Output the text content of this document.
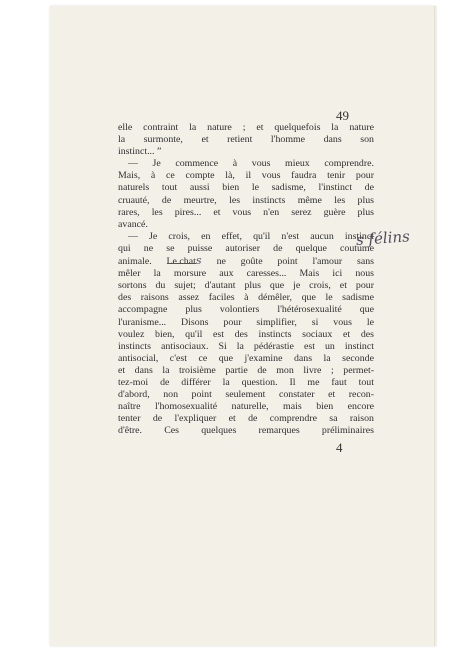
49
elle contraint la nature ; et quelquefois la nature
la surmonte, et retient l'homme dans son
instinct... ”
— Je commence à vous mieux comprendre.
Mais, à ce compte là, il vous faudra tenir pour
naturels tout aussi bien le sadisme, l'instinct de
cruauté, de meurtre, les instincts même les plus
rares, les pires... et vous n'en serez guère plus
avancé.
— Je crois, en effet, qu'il n'est aucun instinct
qui ne se puisse autoriser de quelque coutume
animale. Le chats ne goûte point l'amour sans
mêler la morsure aux caresses... Mais ici nous
sortons du sujet; d'autant plus que je crois, et pour
des raisons assez faciles à démêler, que le sadisme
accompagne plus volontiers l'hétérosexualité que
l'uranisme... Disons pour simplifier, si vous le
voulez bien, qu'il est des instincts sociaux et des
instincts antisociaux. Si la pédérastie est un instinct
antisocial, c'est ce que j'examine dans la seconde
et dans la troisième partie de mon livre ; permet-
tez-moi de différer la question. Il me faut tout
d'abord, non point seulement constater et recon-
naître l'homosexualité naturelle, mais bien encore
tenter de l'expliquer et de comprendre sa raison
d'être. Ces quelques remarques préliminaires
s félins
4
